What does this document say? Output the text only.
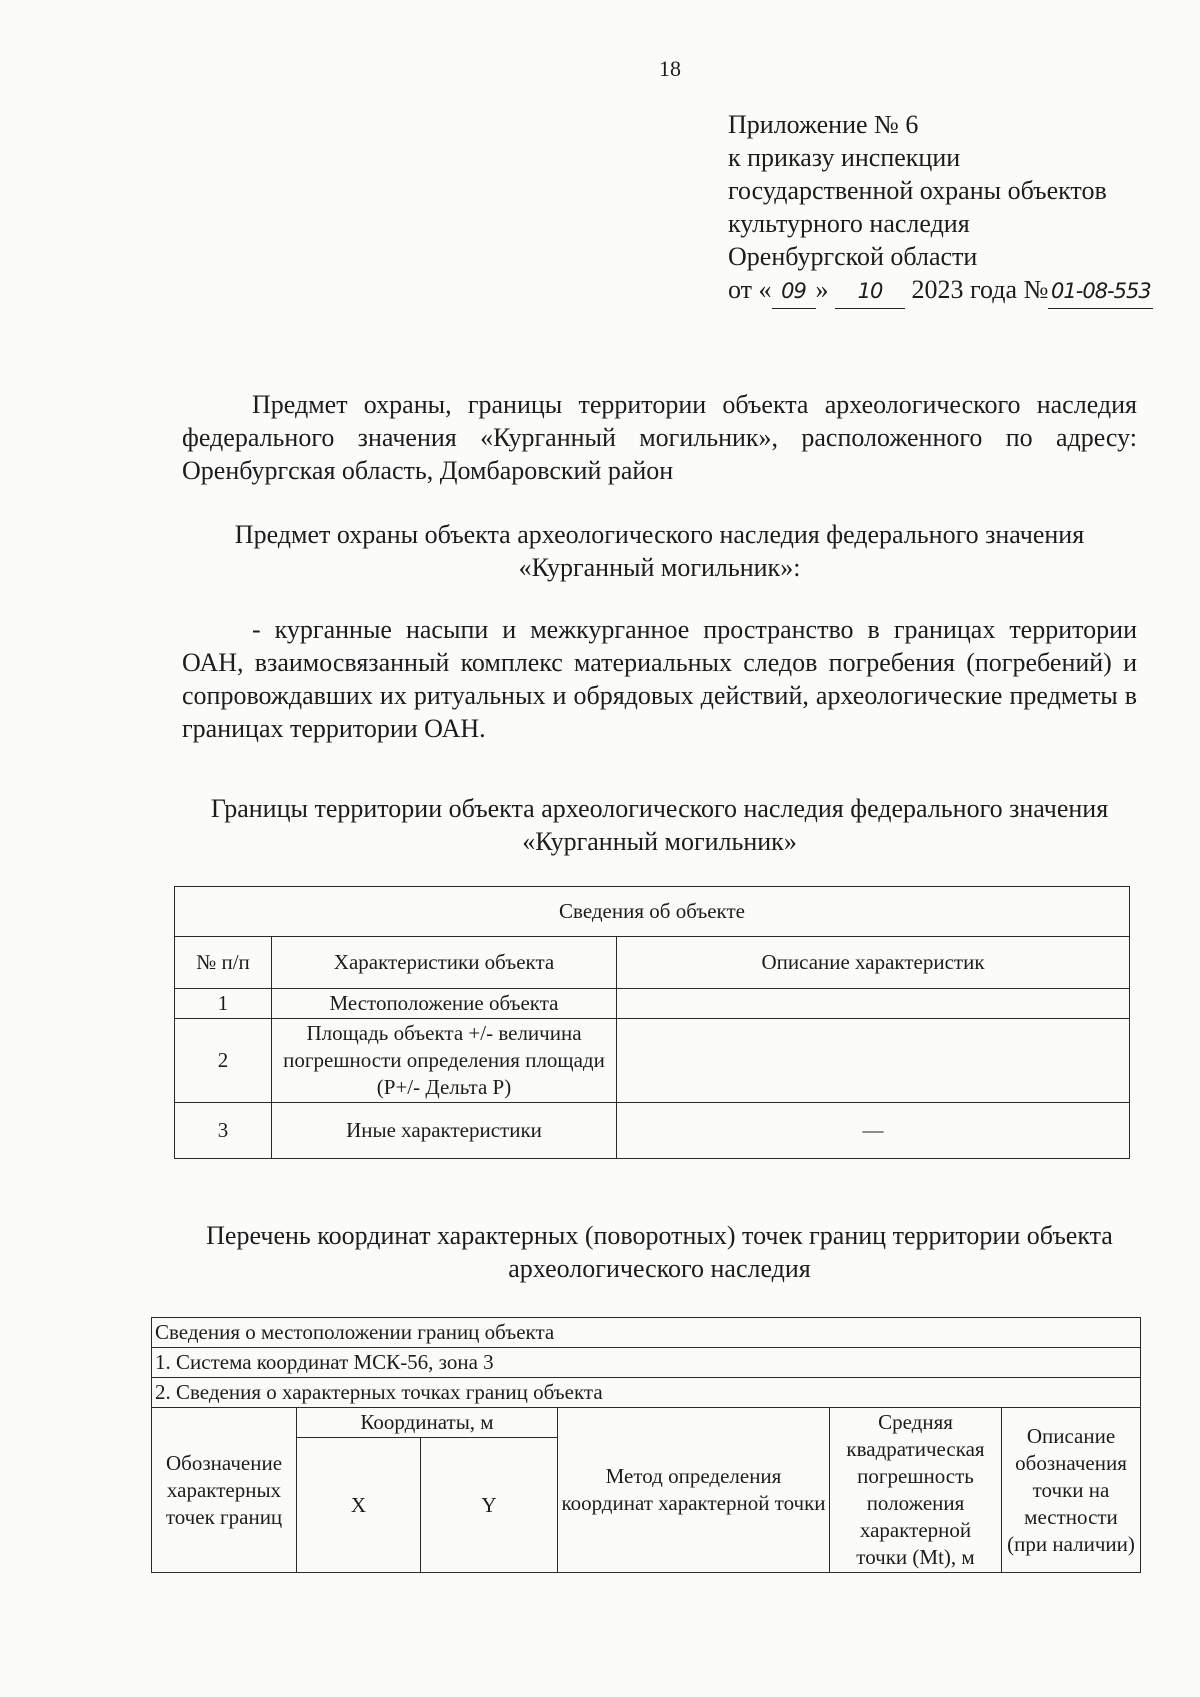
18
Приложение № 6
к приказу инспекции
государственной охраны объектов
культурного наследия
Оренбургской области
от « 09 » 10 2023 года № 01-08-553
Предмет охраны, границы территории объекта археологического наследия федерального значения «Курганный могильник», расположенного по адресу: Оренбургская область, Домбаровский район
Предмет охраны объекта археологического наследия федерального значения «Курганный могильник»:
- курганные насыпи и межкурганное пространство в границах территории ОАН, взаимосвязанный комплекс материальных следов погребения (погребений) и сопровождавших их ритуальных и обрядовых действий, археологические предметы в границах территории ОАН.
Границы территории объекта археологического наследия федерального значения «Курганный могильник»
Сведения об объекте		
№ п/п	Характеристики объекта	Описание характеристик
1	Местоположение объекта	
2	Площадь объекта +/- величина погрешности определения площади (Р+/- Дельта Р)	
3	Иные характеристики	—
Перечень координат характерных (поворотных) точек границ территории объекта археологического наследия
Сведения о местоположении границ объекта					
1. Система координат МСК-56, зона 3					
2. Сведения о характерных точках границ объекта					
Обозначение характерных точек границ	Координаты, м		Метод определения координат характерной точки	Средняя квадратическая погрешность положения характерной точки (Mt), м	Описание обозначения точки на местности (при наличии)
	X	Y			
